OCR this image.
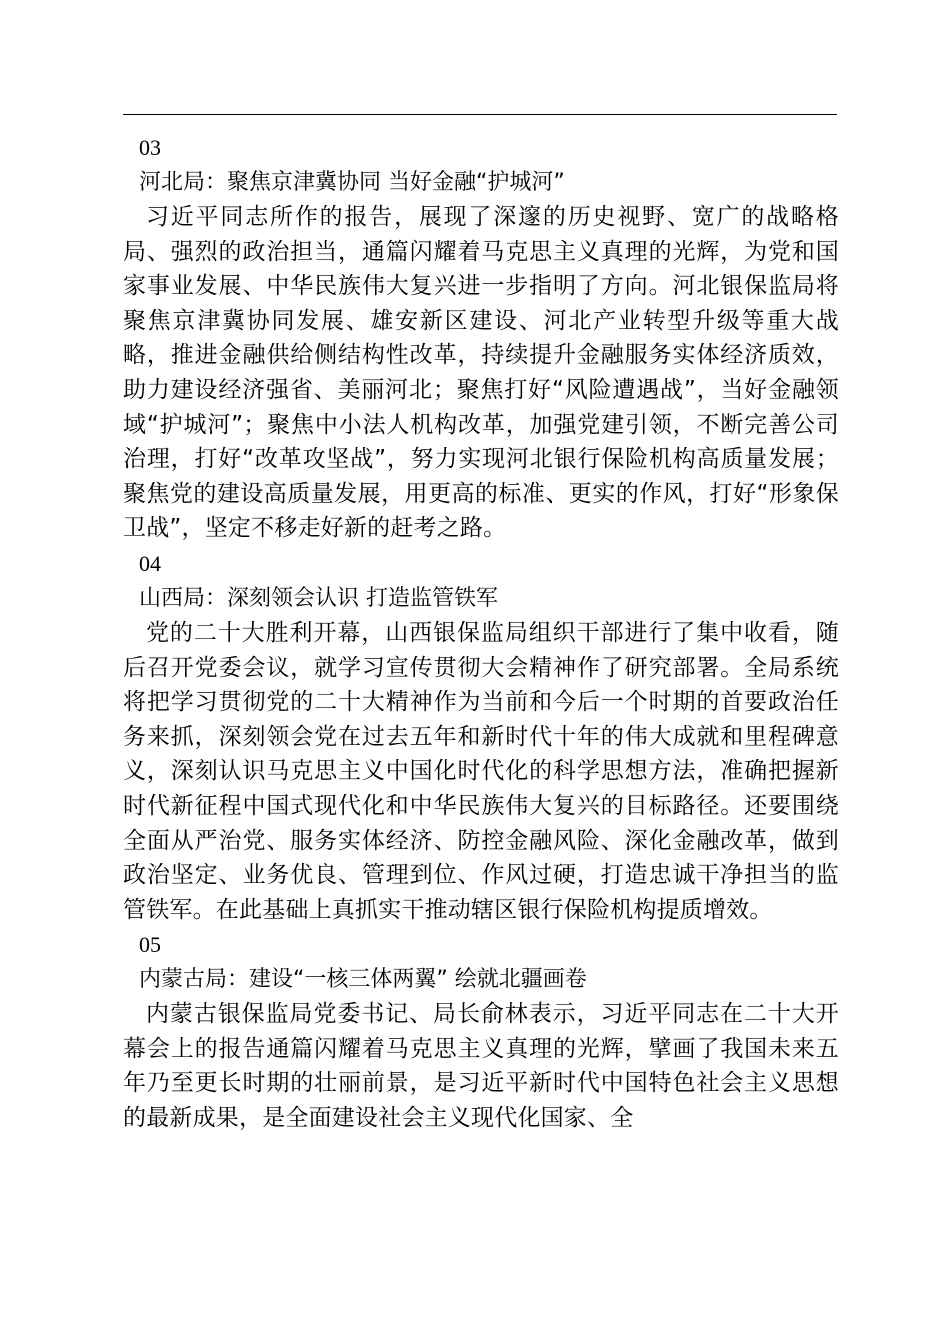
03

河北局：聚焦京津冀协同 当好金融“护城河”

习近平同志所作的报告，展现了深邃的历史视野、宽广的战略格局、强烈的政治担当，通篇闪耀着马克思主义真理的光辉，为党和国家事业发展、中华民族伟大复兴进一步指明了方向。河北银保监局将聚焦京津冀协同发展、雄安新区建设、河北产业转型升级等重大战略，推进金融供给侧结构性改革，持续提升金融服务实体经济质效，助力建设经济强省、美丽河北；聚焦打好“风险遭遇战”，当好金融领域“护城河”；聚焦中小法人机构改革，加强党建引领，不断完善公司治理，打好“改革攻坚战”，努力实现河北银行保险机构高质量发展；聚焦党的建设高质量发展，用更高的标准、更实的作风，打好“形象保卫战”，坚定不移走好新的赶考之路。

04

山西局：深刻领会认识 打造监管铁军

党的二十大胜利开幕，山西银保监局组织干部进行了集中收看，随后召开党委会议，就学习宣传贯彻大会精神作了研究部署。全局系统将把学习贯彻党的二十大精神作为当前和今后一个时期的首要政治任务来抓，深刻领会党在过去五年和新时代十年的伟大成就和里程碑意义，深刻认识马克思主义中国化时代化的科学思想方法，准确把握新时代新征程中国式现代化和中华民族伟大复兴的目标路径。还要围绕全面从严治党、服务实体经济、防控金融风险、深化金融改革，做到政治坚定、业务优良、管理到位、作风过硬，打造忠诚干净担当的监管铁军。在此基础上真抓实干推动辖区银行保险机构提质增效。

05

内蒙古局：建设“一核三体两翼” 绘就北疆画卷

内蒙古银保监局党委书记、局长俞林表示，习近平同志在二十大开幕会上的报告通篇闪耀着马克思主义真理的光辉，擘画了我国未来五年乃至更长时期的壮丽前景，是习近平新时代中国特色社会主义思想的最新成果，是全面建设社会主义现代化国家、全
